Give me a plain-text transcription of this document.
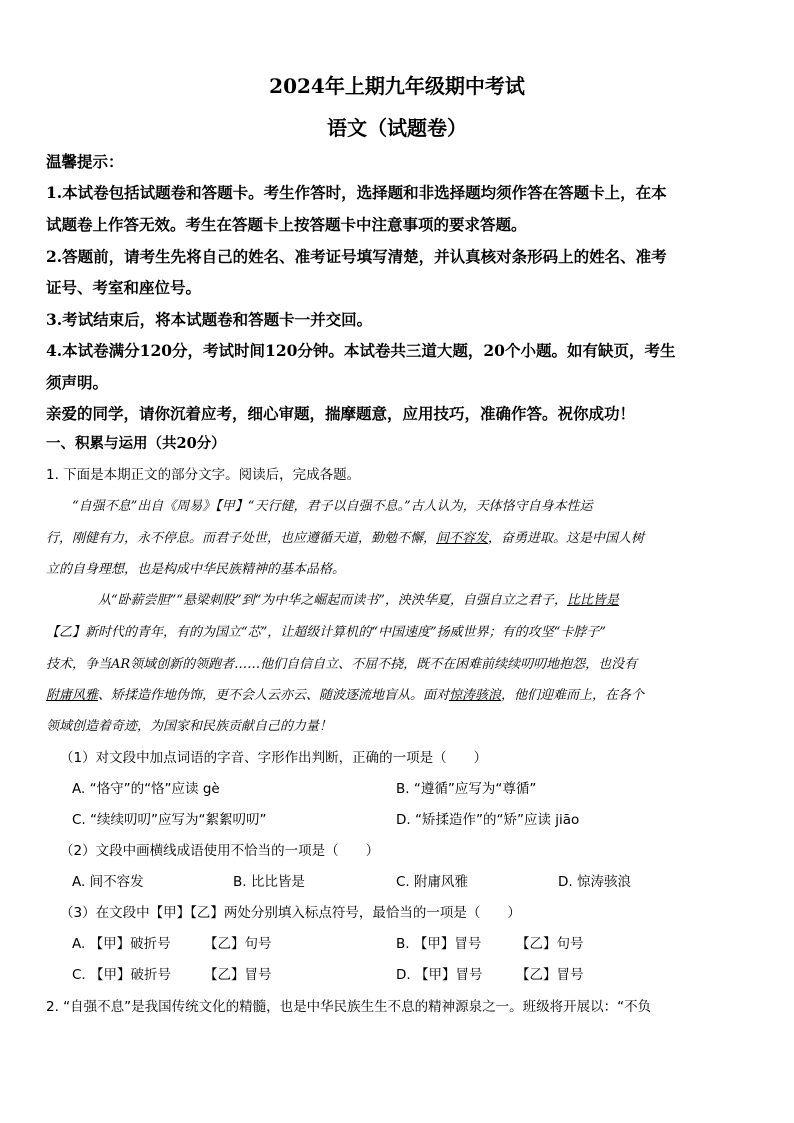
2024年上期九年级期中考试
语文（试题卷）
温馨提示：
1.本试卷包括试题卷和答题卡。考生作答时，选择题和非选择题均须作答在答题卡上，在本
试题卷上作答无效。考生在答题卡上按答题卡中注意事项的要求答题。
2.答题前，请考生先将自己的姓名、准考证号填写清楚，并认真核对条形码上的姓名、准考
证号、考室和座位号。
3.考试结束后，将本试题卷和答题卡一并交回。
4.本试卷满分120分，考试时间120分钟。本试卷共三道大题，20个小题。如有缺页，考生
须声明。
亲爱的同学，请你沉着应考，细心审题，揣摩题意，应用技巧，准确作答。祝你成功！
一、积累与运用（共20分）
1. 下面是本期正文的部分文字。阅读后，完成各题。
“自强不息”出自《周易》【甲】“天行健，君子以自强不息。”古人认为，天体恪守自身本性运
行，刚健有力，永不停息。而君子处世，也应遵循天道，勤勉不懈，间不容发，奋勇进取。这是中国人树
立的自身理想，也是构成中华民族精神的基本品格。
从“卧薪尝胆”“悬梁刺股”到“为中华之崛起而读书”，泱泱华夏，自强自立之君子，比比皆是
【乙】新时代的青年，有的为国立“芯”，让超级计算机的“中国速度”扬威世界；有的攻坚“卡脖子”
技术，争当AR领域创新的领跑者……他们自信自立、不屈不挠，既不在困难前续续叨叨地抱怨，也没有
附庸风雅、矫揉造作地伪饰，更不会人云亦云、随波逐流地盲从。面对惊涛骇浪，他们迎难而上，在各个
领域创造着奇迹，为国家和民族贡献自己的力量！
（1）对文段中加点词语的字音、字形作出判断，正确的一项是（　　）
A. “恪守”的“恪”应读 gè	B. “遵循”应写为“尊循”
C. “续续叨叨”应写为“絮絮叨叨”	D. “矫揉造作”的“矫”应读 jiāo
（2）文段中画横线成语使用不恰当的一项是（　　）
A. 间不容发	B. 比比皆是	C. 附庸风雅	D. 惊涛骇浪
（3）在文段中【甲】【乙】两处分别填入标点符号，最恰当的一项是（　　）
A. 【甲】破折号 【乙】句号	B. 【甲】冒号	【乙】句号
C. 【甲】破折号 【乙】冒号	D. 【甲】冒号 【乙】冒号
2. “自强不息”是我国传统文化的精髓，也是中华民族生生不息的精神源泉之一。班级将开展以：“不负
